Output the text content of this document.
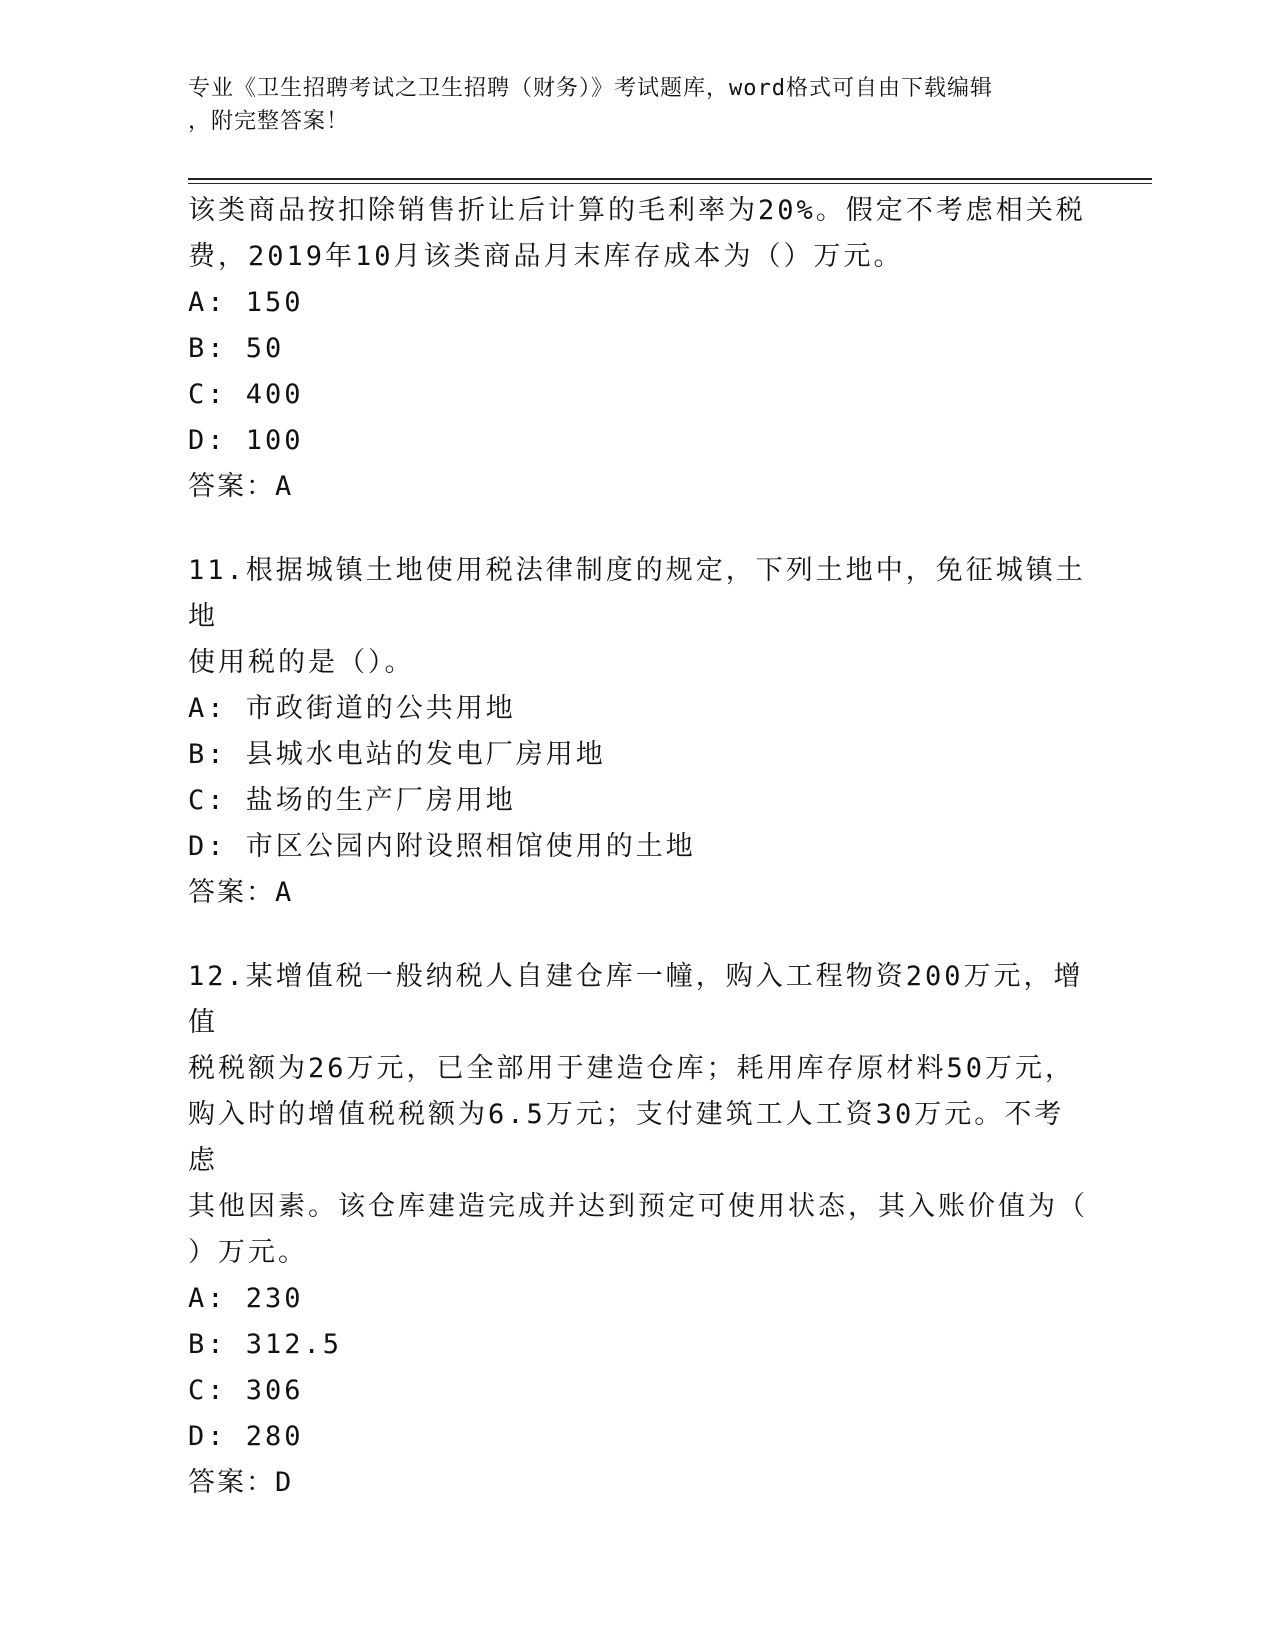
专业《卫生招聘考试之卫生招聘（财务）》考试题库，word格式可自由下载编辑
，附完整答案！
该类商品按扣除销售折让后计算的毛利率为20%。假定不考虑相关税
费，2019年10月该类商品月末库存成本为（）万元。
A: 150
B: 50
C: 400
D: 100
答案：A
11.根据城镇土地使用税法律制度的规定，下列土地中，免征城镇土地
使用税的是（）。
A: 市政街道的公共用地
B: 县城水电站的发电厂房用地
C: 盐场的生产厂房用地
D: 市区公园内附设照相馆使用的土地
答案：A
12.某增值税一般纳税人自建仓库一幢，购入工程物资200万元，增值
税税额为26万元，已全部用于建造仓库；耗用库存原材料50万元，
购入时的增值税税额为6.5万元；支付建筑工人工资30万元。不考虑
其他因素。该仓库建造完成并达到预定可使用状态，其入账价值为（
）万元。
A: 230
B: 312.5
C: 306
D: 280
答案：D
